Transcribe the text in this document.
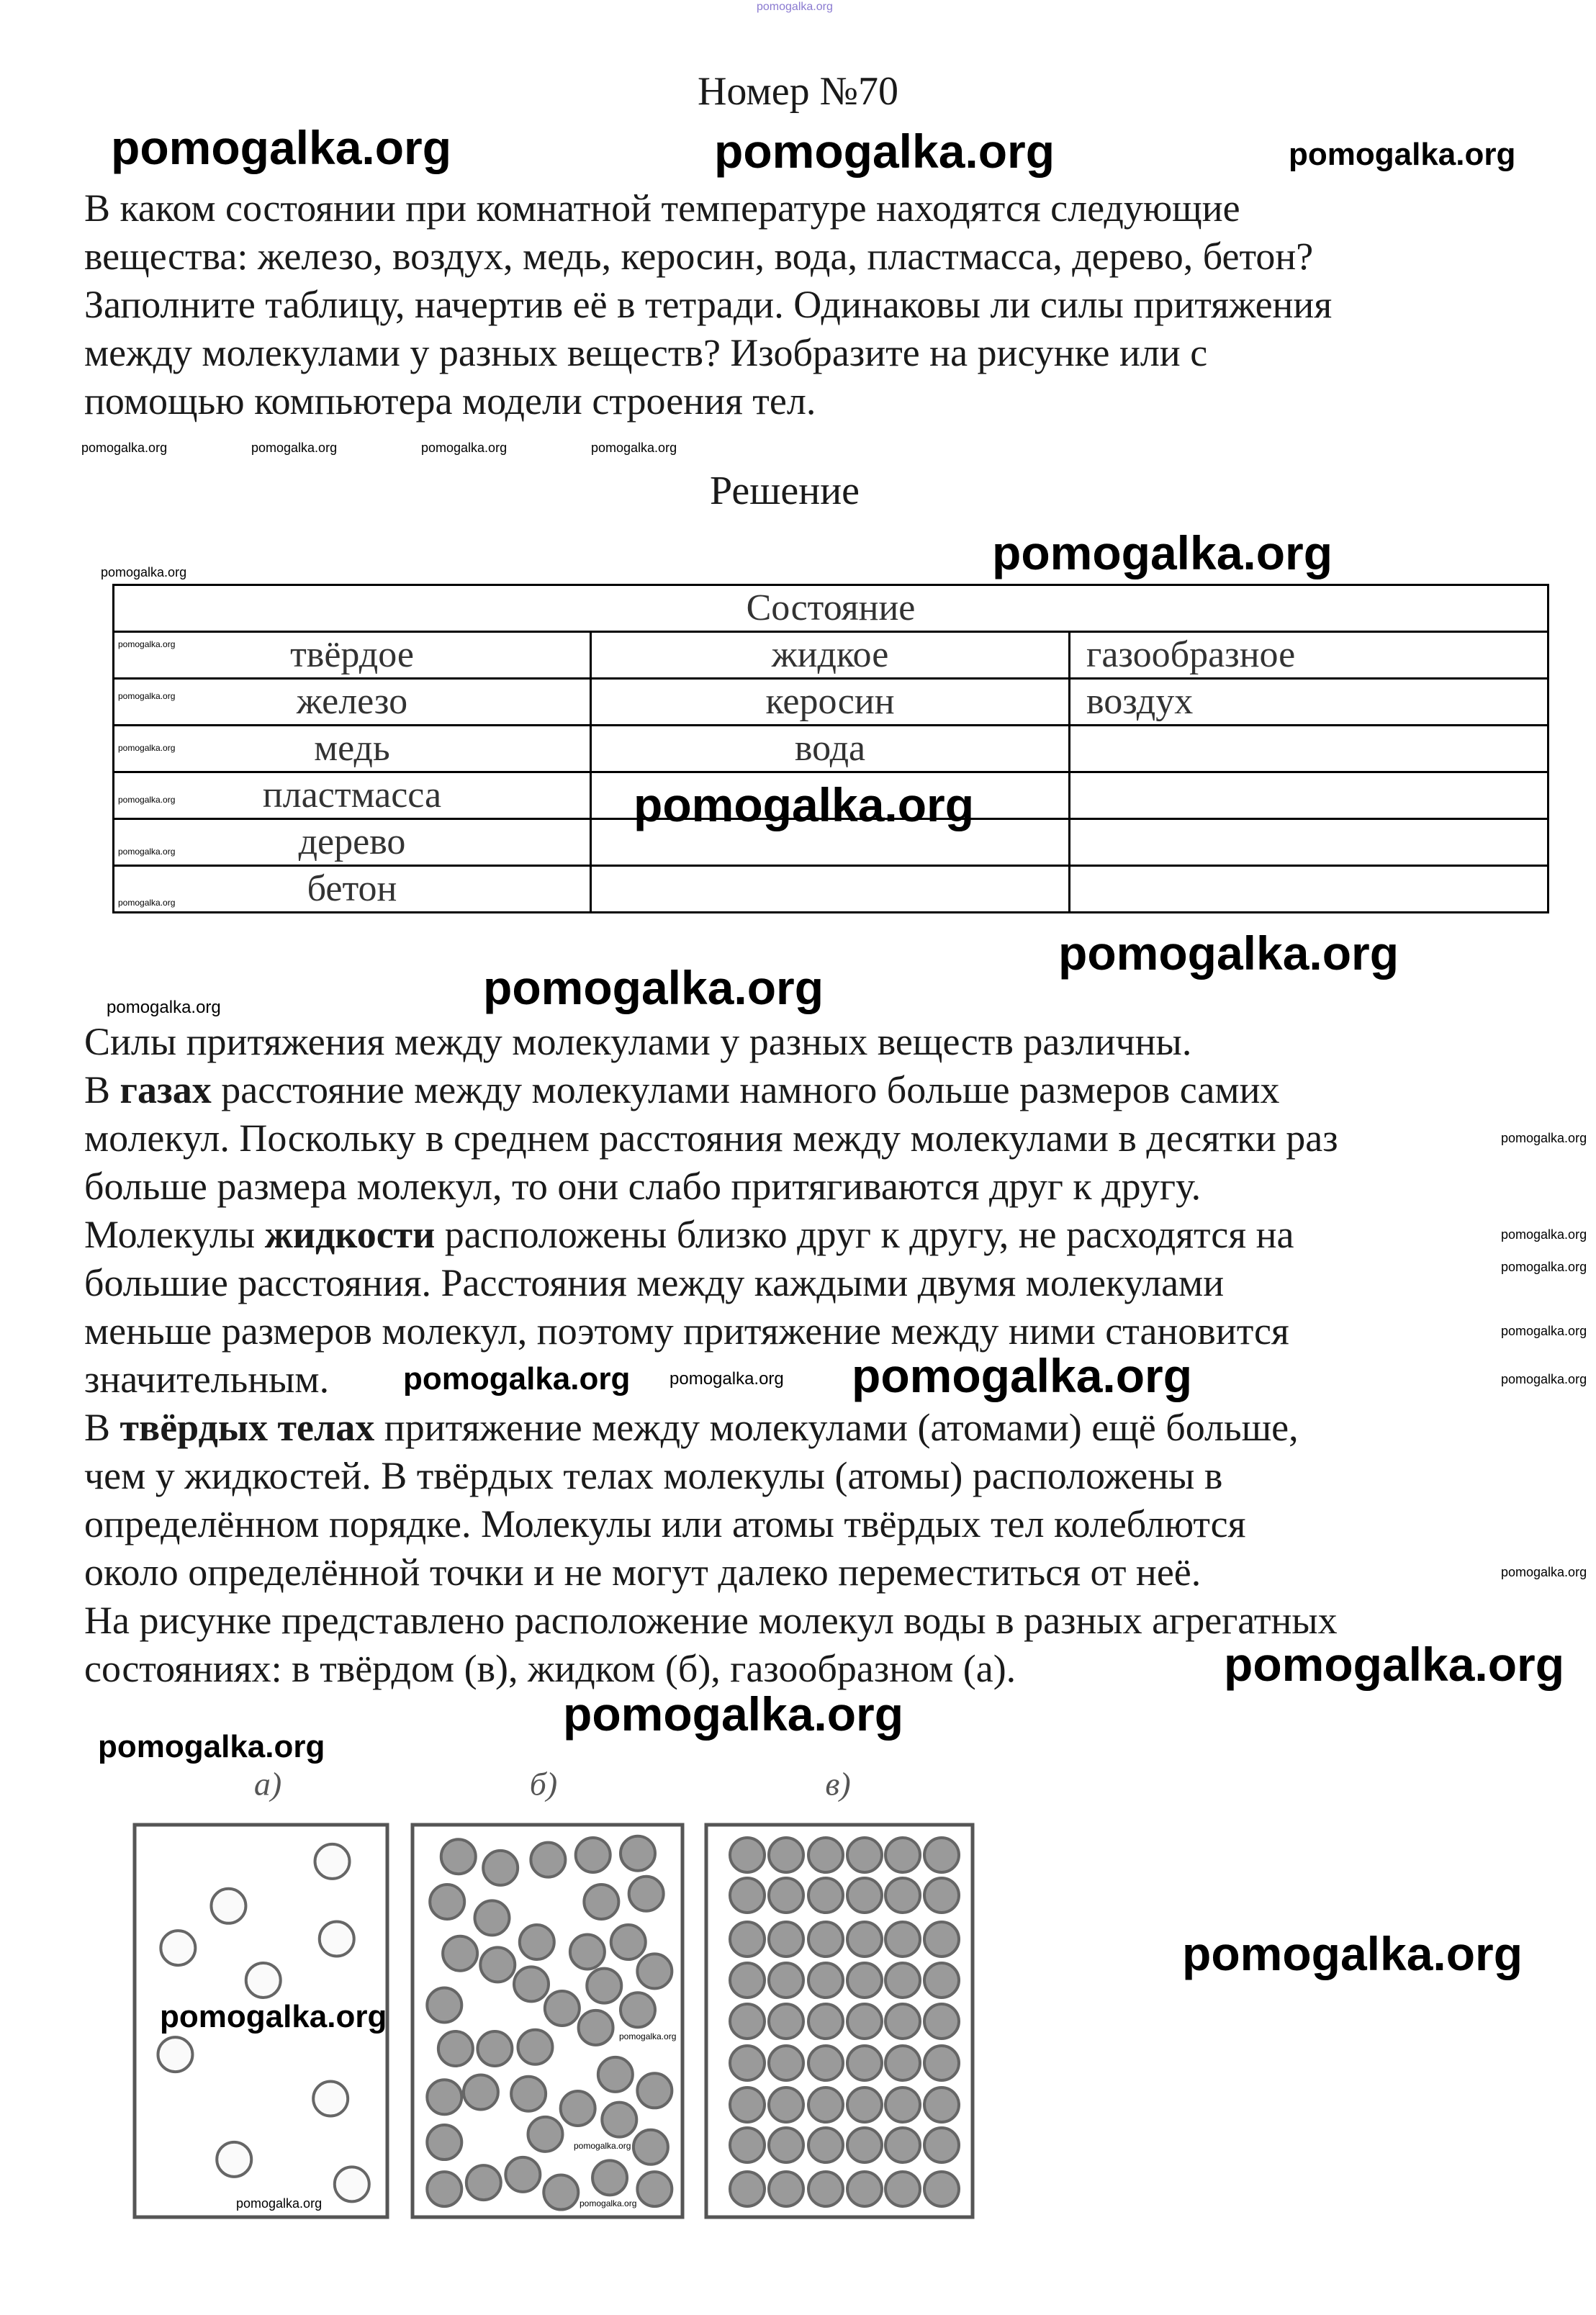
Номер №70
В каком состоянии при комнатной температуре находятся следующие
вещества: железо, воздух, медь, керосин, вода, пластмасса, дерево, бетон?
Заполните таблицу, начертив её в тетради. Одинаковы ли силы притяжения
между молекулами у разных веществ? Изобразите на рисунке или с
помощью компьютера модели строения тел.
Решение
Состояние		
твёрдое	жидкое	газообразное
железо	керосин	воздух
медь	вода	
пластмасса		
дерево		
бетон		
Силы притяжения между молекулами у разных веществ различны.
В газах расстояние между молекулами намного больше размеров самих
молекул. Поскольку в среднем расстояния между молекулами в десятки раз
больше размера молекул, то они слабо притягиваются друг к другу.
Молекулы жидкости расположены близко друг к другу, не расходятся на
большие расстояния. Расстояния между каждыми двумя молекулами
меньше размеров молекул, поэтому притяжение между ними становится
значительным.
В твёрдых телах притяжение между молекулами (атомами) ещё больше,
чем у жидкостей. В твёрдых телах молекулы (атомы) расположены в
определённом порядке. Молекулы или атомы твёрдых тел колеблются
около определённой точки и не могут далеко переместиться от неё.
На рисунке представлено расположение молекул воды в разных агрегатных
состояниях: в твёрдом (в), жидком (б), газообразном (а).
а)	б)	в)
pomogalka.org
pomogalka.org	pomogalka.org	pomogalka.org
pomogalka.org	pomogalka.org	pomogalka.org	pomogalka.org
pomogalka.org
pomogalka.org
pomogalka.org
pomogalka.org
pomogalka.org
pomogalka.org
pomogalka.org
pomogalka.org
pomogalka.org
pomogalka.org
pomogalka.org	pomogalka.org
pomogalka.org
pomogalka.org
pomogalka.org
pomogalka.org
pomogalka.org
pomogalka.org
pomogalka.org
pomogalka.org
pomogalka.org
pomogalka.org
pomogalka.org
pomogalka.org
pomogalka.org
pomogalka.org
pomogalka.org
pomogalka.org
pomogalka.org
pomogalka.org
